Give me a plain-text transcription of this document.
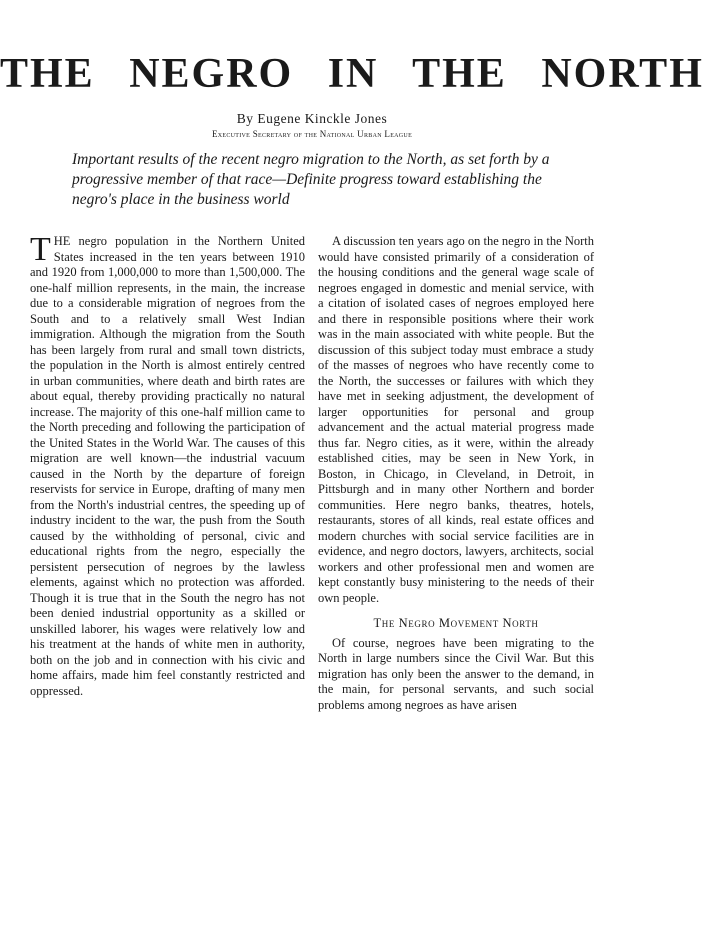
THE NEGRO IN THE NORTH
By Eugene Kinckle Jones
Executive Secretary of the National Urban League

Important results of the recent negro migration to the North, as set forth by a progressive member of that race—Definite progress toward establishing the negro's place in the business world

THE negro population in the Northern United States increased in the ten years between 1910 and 1920 from 1,000,000 to more than 1,500,000. The one-half million represents, in the main, the increase due to a considerable migration of negroes from the South and to a relatively small West Indian immigration. Although the migration from the South has been largely from rural and small town districts, the population in the North is almost entirely centred in urban communities, where death and birth rates are about equal, thereby providing practically no natural increase. The majority of this one-half million came to the North preceding and following the participation of the United States in the World War. The causes of this migration are well known—the industrial vacuum caused in the North by the departure of foreign reservists for service in Europe, drafting of many men from the North's industrial centres, the speeding up of industry incident to the war, the push from the South caused by the withholding of personal, civic and educational rights from the negro, especially the persistent persecution of negroes by the lawless elements, against which no protection was afforded. Though it is true that in the South the negro has not been denied industrial opportunity as a skilled or unskilled laborer, his wages were relatively low and his treatment at the hands of white men in authority, both on the job and in connection with his civic and home affairs, made him feel constantly restricted and oppressed.

A discussion ten years ago on the negro in the North would have consisted primarily of a consideration of the housing conditions and the general wage scale of negroes engaged in domestic and menial service, with a citation of isolated cases of negroes employed here and there in responsible positions where their work was in the main associated with white people. But the discussion of this subject today must embrace a study of the masses of negroes who have recently come to the North, the successes or failures with which they have met in seeking adjustment, the development of larger opportunities for personal and group advancement and the actual material progress made thus far. Negro cities, as it were, within the already established cities, may be seen in New York, in Boston, in Chicago, in Cleveland, in Detroit, in Pittsburgh and in many other Northern and border communities. Here negro banks, theatres, hotels, restaurants, stores of all kinds, real estate offices and modern churches with social service facilities are in evidence, and negro doctors, lawyers, architects, social workers and other professional men and women are kept constantly busy ministering to the needs of their own people.

The Negro Movement North

Of course, negroes have been migrating to the North in large numbers since the Civil War. But this migration has only been the answer to the demand, in the main, for personal servants, and such social problems among negroes as have arisen
